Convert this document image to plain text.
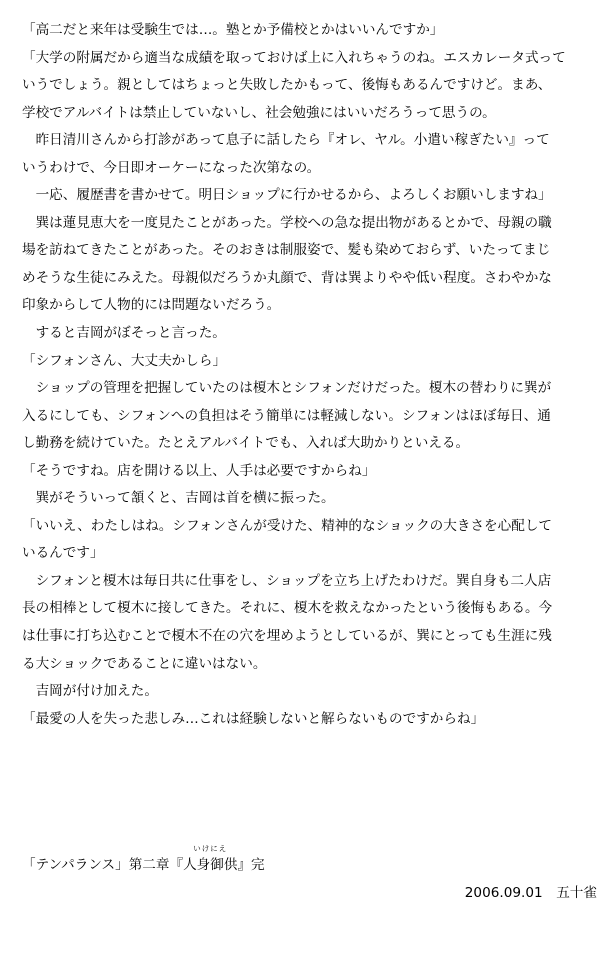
「高二だと来年は受験生では…。塾とか予備校とかはいいんですか」
「大学の附属だから適当な成績を取っておけば上に入れちゃうのね。エスカレータ式って
いうでしょう。親としてはちょっと失敗したかもって、後悔もあるんですけど。まあ、
学校でアルバイトは禁止していないし、社会勉強にはいいだろうって思うの。
　昨日清川さんから打診があって息子に話したら『オレ、ヤル。小遣い稼ぎたい』って
いうわけで、今日即オーケーになった次第なの。
　一応、履歴書を書かせて。明日ショップに行かせるから、よろしくお願いしますね」
　巽は蓮見恵大を一度見たことがあった。学校への急な提出物があるとかで、母親の職
場を訪ねてきたことがあった。そのおきは制服姿で、髪も染めておらず、いたってまじ
めそうな生徒にみえた。母親似だろうか丸顔で、背は巽よりやや低い程度。さわやかな
印象からして人物的には問題ないだろう。
　すると吉岡がぼそっと言った。
「シフォンさん、大丈夫かしら」
　ショップの管理を把握していたのは榎木とシフォンだけだった。榎木の替わりに巽が
入るにしても、シフォンへの負担はそう簡単には軽減しない。シフォンはほぼ毎日、通
し勤務を続けていた。たとえアルバイトでも、入れば大助かりといえる。
「そうですね。店を開ける以上、人手は必要ですからね」
　巽がそういって頷くと、吉岡は首を横に振った。
「いいえ、わたしはね。シフォンさんが受けた、精神的なショックの大きさを心配して
いるんです」
　シフォンと榎木は毎日共に仕事をし、ショップを立ち上げたわけだ。巽自身も二人店
長の相棒として榎木に接してきた。それに、榎木を救えなかったという後悔もある。今
は仕事に打ち込むことで榎木不在の穴を埋めようとしているが、巽にとっても生涯に残
る大ショックであることに違いはない。
　吉岡が付け加えた。
「最愛の人を失った悲しみ…これは経験しないと解らないものですからね」
「テンパランス」第二章『
いけにえ
人身御供』完
2006.09.01　 五十雀
